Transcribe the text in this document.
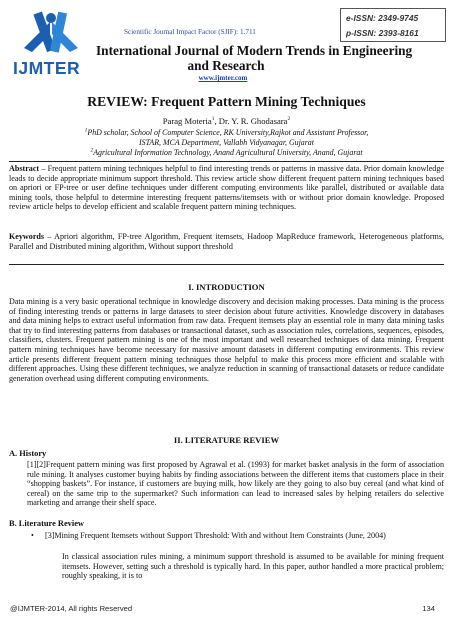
Scientific Journal Impact Factor (SJIF): 1.711
e-ISSN: 2349-9745
p-ISSN: 2393-8161
IJMTER
International Journal of Modern Trends in Engineering
and Research
www.ijmter.com
REVIEW: Frequent Pattern Mining Techniques
Parag Moteria$^1$, Dr. Y. R. Ghodasara$^2$
$^1$PhD scholar, School of Computer Science, RK University,Rajkot and Assistant Professor,
ISTAR, MCA Department, Vallabh Vidyanagar, Gujarat
$^2$Agricultural Information Technology, Anand Agricultural University, Anand, Gujarat
Abstract – Frequent pattern mining techniques helpful to find interesting trends or patterns in massive data. Prior domain knowledge leads to decide appropriate minimum support threshold. This review article show different frequent pattern mining techniques based on apriori or FP-tree or user define techniques under different computing environments like parallel, distributed or available data mining tools, those helpful to determine interesting frequent patterns/itemsets with or without prior domain knowledge. Proposed review article helps to develop efficient and scalable frequent pattern mining techniques.
Keywords – Apriori algorithm, FP-tree Algorithm, Frequent itemsets, Hadoop MapReduce framework, Heterogeneous platforms, Parallel and Distributed mining algorithm, Without support threshold
I. INTRODUCTION
Data mining is a very basic operational technique in knowledge discovery and decision making processes. Data mining is the process of finding interesting trends or patterns in large datasets to steer decision about future activities. Knowledge discovery in databases and data mining helps to extract useful information from raw data. Frequent itemsets play an essential role in many data mining tasks that try to find interesting patterns from databases or transactional dataset, such as association rules, correlations, sequences, episodes, classifiers, clusters. Frequent pattern mining is one of the most important and well researched techniques of data mining. Frequent pattern mining techniques have become necessary for massive amount datasets in different computing environments. This review article presents different frequent pattern mining techniques those helpful to make this process more efficient and scalable with different approaches. Using these different techniques, we analyze reduction in scanning of transactional datasets or reduce candidate generation overhead using different computing environments.
II. LITERATURE REVIEW
A. History
[1][2]Frequent pattern mining was first proposed by Agrawal et al. (1993) for market basket analysis in the form of association rule mining. It analyses customer buying habits by finding associations between the different items that customers place in their “shopping baskets”. For instance, if customers are buying milk, how likely are they going to also buy cereal (and what kind of cereal) on the same trip to the supermarket? Such information can lead to increased sales by helping retailers do selective marketing and arrange their shelf space.
B. Literature Review
• [3]Mining Frequent Itemsets without Support Threshold: With and without Item Constraints (June, 2004)
In classical association rules mining, a minimum support threshold is assumed to be available for mining frequent itemsets. However, setting such a threshold is typically hard. In this paper, author handled a more practical problem; roughly speaking, it is to
@IJMTER-2014, All rights Reserved	134
